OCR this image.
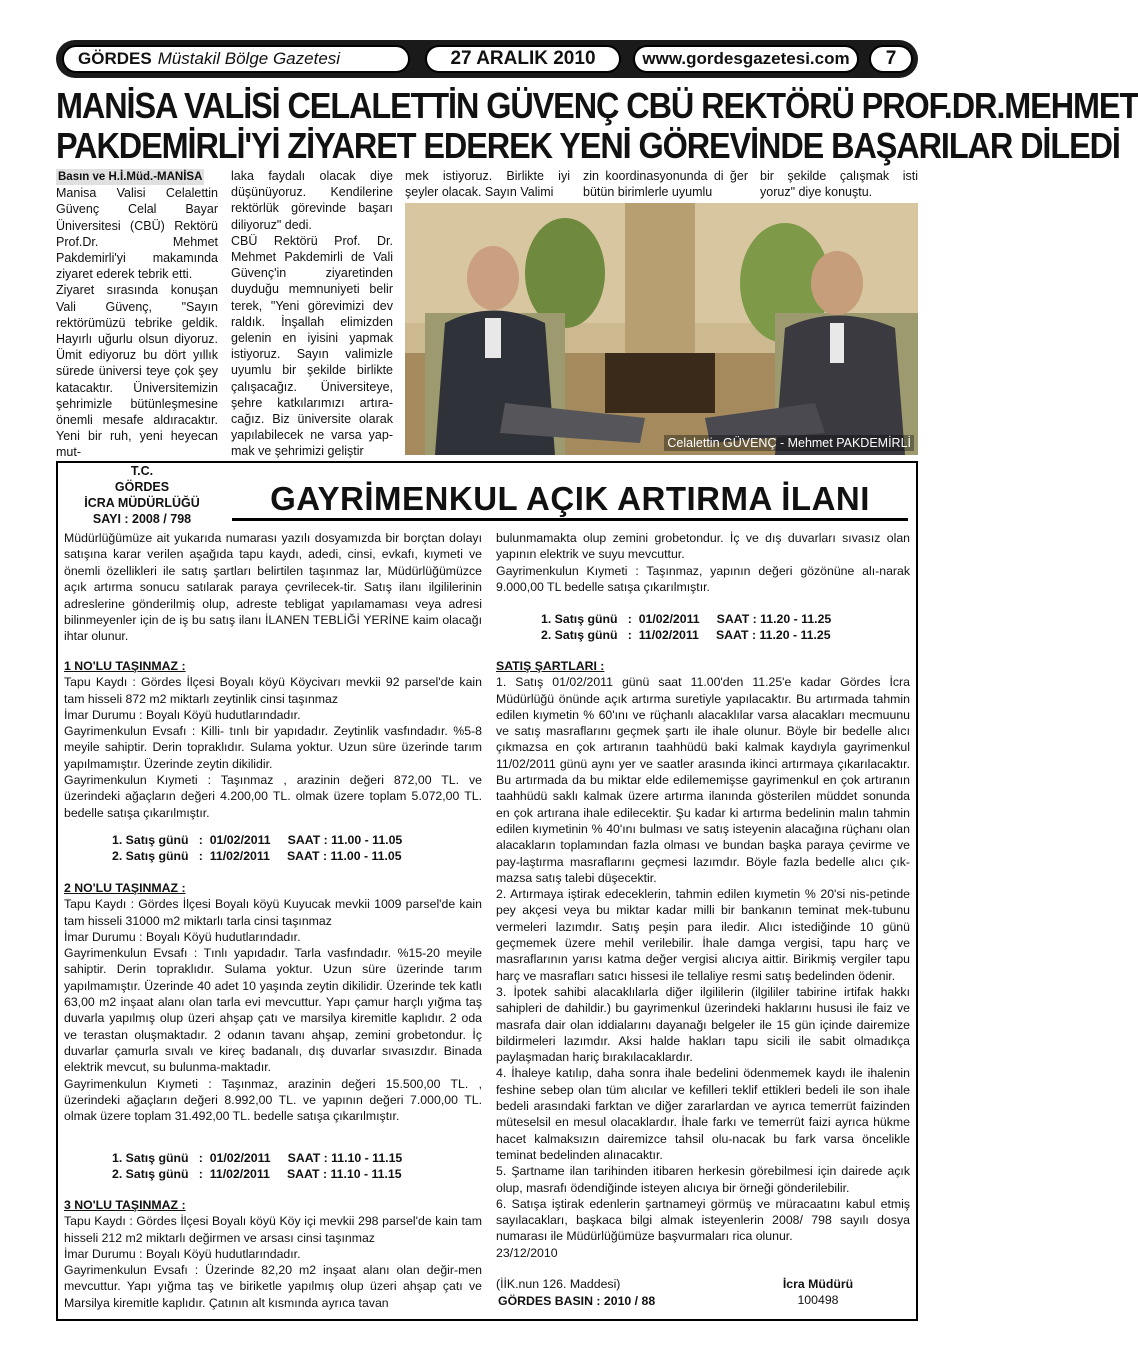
GÖRDES Müstakil Bölge Gazetesi	27 ARALIK 2010	www.gordesgazetesi.com	7
MANİSA VALİSİ CELALETTİN GÜVENÇ CBÜ REKTÖRÜ PROF.DR.MEHMET
PAKDEMİRLİ'Yİ ZİYARET EDEREK YENİ GÖREVİNDE BAŞARILAR DİLEDİ
Basın ve H.İ.Müd.-MANİSA
Manisa Valisi Celalettin Güvenç Celal Bayar Üniversitesi (CBÜ) Rektörü Prof.Dr. Mehmet Pakdemirli'yi makamında ziyaret ederek tebrik etti.
Ziyaret sırasında konuşan Vali Güvenç, "Sayın rektörümüzü tebrike geldik. Hayırlı uğurlu olsun diyoruz. Ümit ediyoruz bu dört yıllık sürede üniversi teye çok şey katacaktır. Üniversitemizin şehrimizle bütünleşmesine önemli mesafe aldıracaktır. Yeni bir ruh, yeni heyecan mut-
laka faydalı olacak diye düşünüyoruz. Kendilerine rektörlük görevinde başarı diliyoruz" dedi.
CBÜ Rektörü Prof. Dr. Mehmet Pakdemirli de Vali Güvenç'in ziyaretinden duyduğu memnuniyeti belir terek, "Yeni görevimizi dev raldık. İnşallah elimizden gelenin en iyisini yapmak istiyoruz. Sayın valimizle uyumlu bir şekilde birlikte çalışacağız. Üniversiteye, şehre katkılarımızı artıra-cağız. Biz üniversite olarak yapılabilecek ne varsa yap-mak ve şehrimizi geliştir
mek istiyoruz. Birlikte iyi şeyler olacak. Sayın Valimi
zin koordinasyonunda di ğer bütün birimlerle uyumlu
bir şekilde çalışmak isti yoruz" diye konuştu.
Celalettin GÜVENÇ - Mehmet PAKDEMİRLİ
T.C.
GÖRDES
İCRA MÜDÜRLÜĞÜ
SAYI : 2008 / 798
GAYRİMENKUL AÇIK ARTIRMA İLANI
Müdürlüğümüze ait yukarıda numarası yazılı dosyamızda bir borçtan dolayı satışına karar verilen aşağıda tapu kaydı, adedi, cinsi, evkafı, kıymeti ve önemli özellikleri ile satış şartları belirtilen taşınmaz lar, Müdürlüğümüzce açık artırma sonucu satılarak paraya çevrilecek-tir. Satış ilanı ilgililerinin adreslerine gönderilmiş olup, adreste tebligat yapılamaması veya adresi bilinmeyenler için de iş bu satış ilanı İLANEN TEBLİĞİ YERİNE kaim olacağı ihtar olunur.
bulunmamakta olup zemini grobetondur. İç ve dış duvarları sıvasız olan yapının elektrik ve suyu mevcuttur.
Gayrimenkulun Kıymeti : Taşınmaz, yapının değeri gözönüne alı-narak 9.000,00 TL bedelle satışa çıkarılmıştır.
1. Satış günü   :  01/02/2011     SAAT : 11.20 - 11.25
2. Satış günü   :  11/02/2011     SAAT : 11.20 - 11.25
1 NO'LU TAŞINMAZ :
Tapu Kaydı : Gördes İlçesi Boyalı köyü Köycivarı mevkii 92 parsel'de kain tam hisseli 872 m2 miktarlı zeytinlik cinsi taşınmaz
İmar Durumu : Boyalı Köyü hudutlarındadır.
Gayrimenkulun Evsafı : Killi- tınlı bir yapıdadır. Zeytinlik vasfındadır. %5-8 meyile sahiptir. Derin topraklıdır. Sulama yoktur. Uzun süre üzerinde tarım yapılmamıştır. Üzerinde zeytin dikilidir.
Gayrimenkulun Kıymeti : Taşınmaz , arazinin değeri 872,00 TL. ve üzerindeki ağaçların değeri 4.200,00 TL. olmak üzere toplam 5.072,00 TL. bedelle satışa çıkarılmıştır.
1. Satış günü   :  01/02/2011     SAAT : 11.00 - 11.05
2. Satış günü   :  11/02/2011     SAAT : 11.00 - 11.05
2 NO'LU TAŞINMAZ :
Tapu Kaydı : Gördes İlçesi Boyalı köyü Kuyucak mevkii 1009 parsel'de kain tam hisseli 31000 m2 miktarlı tarla cinsi taşınmaz
İmar Durumu : Boyalı Köyü hudutlarındadır.
Gayrimenkulun Evsafı : Tınlı yapıdadır. Tarla vasfındadır. %15-20 meyile sahiptir. Derin topraklıdır. Sulama yoktur. Uzun süre üzerinde tarım yapılmamıştır. Üzerinde 40 adet 10 yaşında zeytin dikilidir. Üzerinde tek katlı 63,00 m2 inşaat alanı olan tarla evi mevcuttur. Yapı çamur harçlı yığma taş duvarla yapılmış olup üzeri ahşap çatı ve marsilya kiremitle kaplıdır. 2 oda ve terastan oluşmaktadır. 2 odanın tavanı ahşap, zemini grobetondur. İç duvarlar çamurla sıvalı ve kireç badanalı, dış duvarlar sıvasızdır. Binada elektrik mevcut, su bulunma-maktadır.
Gayrimenkulun Kıymeti : Taşınmaz, arazinin değeri 15.500,00 TL. , üzerindeki ağaçların değeri 8.992,00 TL. ve yapının değeri 7.000,00 TL. olmak üzere toplam 31.492,00 TL. bedelle satışa çıkarılmıştır.
1. Satış günü   :  01/02/2011     SAAT : 11.10 - 11.15
2. Satış günü   :  11/02/2011     SAAT : 11.10 - 11.15
3 NO'LU TAŞINMAZ :
Tapu Kaydı : Gördes İlçesi Boyalı köyü Köy içi mevkii 298 parsel'de kain tam hisseli 212 m2 miktarlı değirmen ve arsası cinsi taşınmaz
İmar Durumu : Boyalı Köyü hudutlarındadır.
Gayrimenkulun Evsafı : Üzerinde 82,20 m2 inşaat alanı olan değir-men mevcuttur. Yapı yığma taş ve biriketle yapılmış olup üzeri ahşap çatı ve Marsilya kiremitle kaplıdır. Çatının alt kısmında ayrıca tavan
SATIŞ ŞARTLARI :
1. Satış 01/02/2011 günü saat 11.00'den 11.25'e kadar Gördes İcra Müdürlüğü önünde açık artırma suretiyle yapılacaktır. Bu artırmada tahmin edilen kıymetin % 60'ını ve rüçhanlı alacaklılar varsa alacakları mecmuunu ve satış masraflarını geçmek şartı ile ihale olunur. Böyle bir bedelle alıcı çıkmazsa en çok artıranın taahhüdü baki kalmak kaydıyla gayrimenkul 11/02/2011 günü aynı yer ve saatler arasında ikinci artırmaya çıkarılacaktır. Bu artırmada da bu miktar elde edilememişse gayrimenkul en çok artıranın taahhüdü saklı kalmak üzere artırma ilanında gösterilen müddet sonunda en çok artırana ihale edilecektir. Şu kadar ki artırma bedelinin malın tahmin edilen kıymetinin % 40'ını bulması ve satış isteyenin alacağına rüçhanı olan alacakların toplamından fazla olması ve bundan başka paraya çevirme ve pay-laştırma masraflarını geçmesi lazımdır. Böyle fazla bedelle alıcı çık-mazsa satış talebi düşecektir.
2. Artırmaya iştirak edeceklerin, tahmin edilen kıymetin % 20'si nis-petinde pey akçesi veya bu miktar kadar milli bir bankanın teminat mek-tubunu vermeleri lazımdır. Satış peşin para iledir. Alıcı istediğinde 10 günü geçmemek üzere mehil verilebilir. İhale damga vergisi, tapu harç ve masraflarının yarısı katma değer vergisi alıcıya aittir. Birikmiş vergiler tapu harç ve masrafları satıcı hissesi ile tellaliye resmi satış bedelinden ödenir.
3. İpotek sahibi alacaklılarla diğer ilgililerin (ilgililer tabirine irtifak hakkı sahipleri de dahildir.) bu gayrimenkul üzerindeki haklarını hususi ile faiz ve masrafa dair olan iddialarını dayanağı belgeler ile 15 gün içinde dairemize bildirmeleri lazımdır. Aksi halde hakları tapu sicili ile sabit olmadıkça paylaşmadan hariç bırakılacaklardır.
4. İhaleye katılıp, daha sonra ihale bedelini ödenmemek kaydı ile ihalenin feshine sebep olan tüm alıcılar ve kefilleri teklif ettikleri bedeli ile son ihale bedeli arasındaki farktan ve diğer zararlardan ve ayrıca temerrüt faizinden müteselsil en mesul olacaklardır. İhale farkı ve temerrüt faizi ayrıca hükme hacet kalmaksızın dairemizce tahsil olu-nacak bu fark varsa öncelikle teminat bedelinden alınacaktır.
5. Şartname ilan tarihinden itibaren herkesin görebilmesi için dairede açık olup, masrafı ödendiğinde isteyen alıcıya bir örneği gönderilebilir.
6. Satışa iştirak edenlerin şartnameyi görmüş ve müracaatını kabul etmiş sayılacakları, başkaca bilgi almak isteyenlerin 2008/ 798 sayılı dosya numarası ile Müdürlüğümüze başvurmaları rica olunur.
23/12/2010
(İİK.nun 126. Maddesi)
GÖRDES BASIN : 2010 / 88
İcra Müdürü
100498
